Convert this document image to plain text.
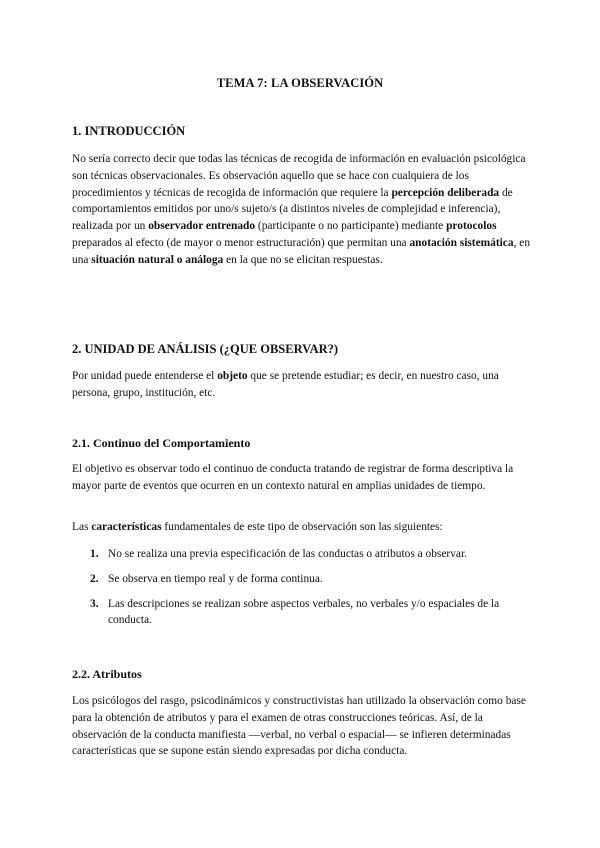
TEMA 7: LA OBSERVACIÓN
1. INTRODUCCIÓN

No sería correcto decir que todas las técnicas de recogida de información en evaluación psicológica son técnicas observacionales. Es observación aquello que se hace con cualquiera de los procedimientos y técnicas de recogida de información que requiere la percepción deliberada de comportamientos emitidos por uno/s sujeto/s (a distintos niveles de complejidad e inferencia), realizada por un observador entrenado (participante o no participante) mediante protocolos preparados al efecto (de mayor o menor estructuración) que permitan una anotación sistemática, en una situación natural o análoga en la que no se elicitan respuestas.

2. UNIDAD DE ANÁLISIS (¿QUE OBSERVAR?)

Por unidad puede entenderse el objeto que se pretende estudiar; es decir, en nuestro caso, una persona, grupo, institución, etc.

2.1. Continuo del Comportamiento

El objetivo es observar todo el continuo de conducta tratando de registrar de forma descriptiva la mayor parte de eventos que ocurren en un contexto natural en amplias unidades de tiempo.

Las características fundamentales de este tipo de observación son las siguientes:

1. No se realiza una previa especificación de las conductas o atributos a observar.
2. Se observa en tiempo real y de forma continua.
3. Las descripciones se realizan sobre aspectos verbales, no verbales y/o espaciales de la conducta.
2.2. Atributos

Los psicólogos del rasgo, psicodinámicos y constructivistas han utilizado la observación como base para la obtención de atributos y para el examen de otras construcciones teóricas. Así, de la observación de la conducta manifiesta —verbal, no verbal o espacial— se infieren determinadas características que se supone están siendo expresadas por dicha conducta.
